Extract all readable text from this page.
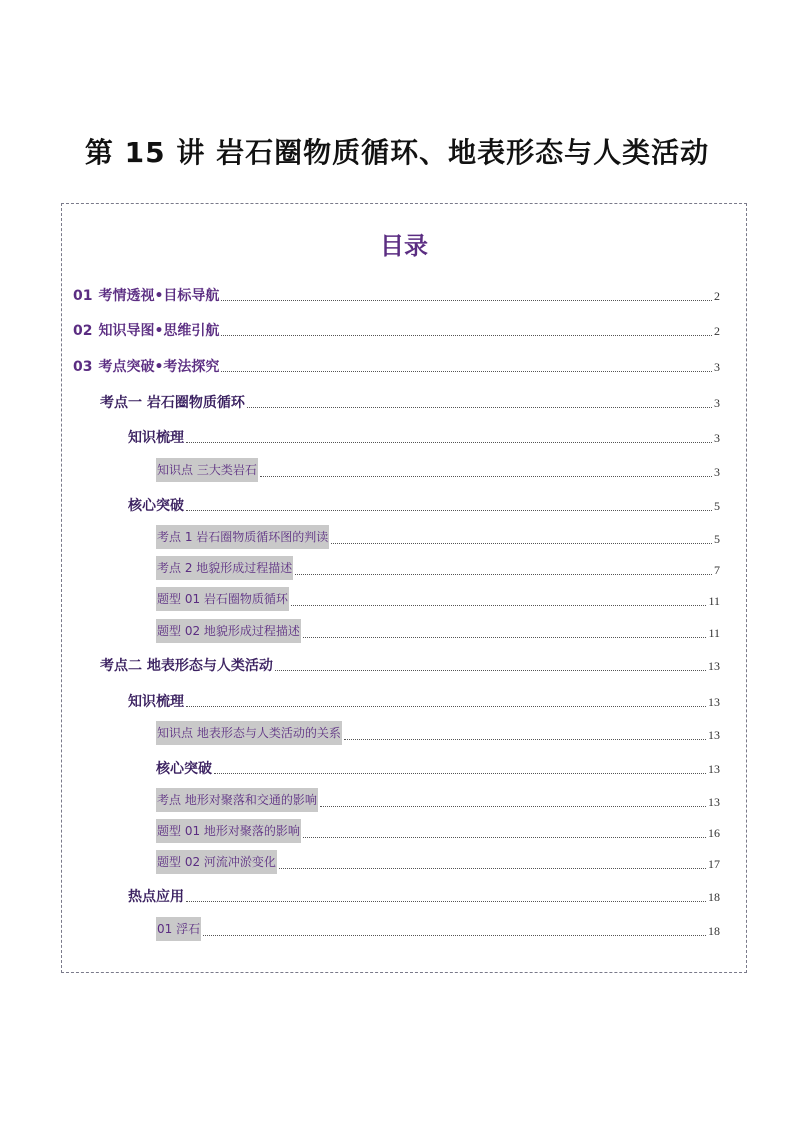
第 15 讲 岩石圈物质循环、地表形态与人类活动
目录
01 考情透视•目标导航	2
02 知识导图•思维引航	2
03 考点突破•考法探究	3
考点一 岩石圈物质循环	3
知识梳理	3
知识点 三大类岩石	3
核心突破	5
考点 1 岩石圈物质循环图的判读	5
考点 2 地貌形成过程描述	7
题型 01 岩石圈物质循环	11
题型 02 地貌形成过程描述	11
考点二 地表形态与人类活动	13
知识梳理	13
知识点 地表形态与人类活动的关系	13
核心突破	13
考点 地形对聚落和交通的影响	13
题型 01 地形对聚落的影响	16
题型 02 河流冲淤变化	17
热点应用	18
01 浮石	18
